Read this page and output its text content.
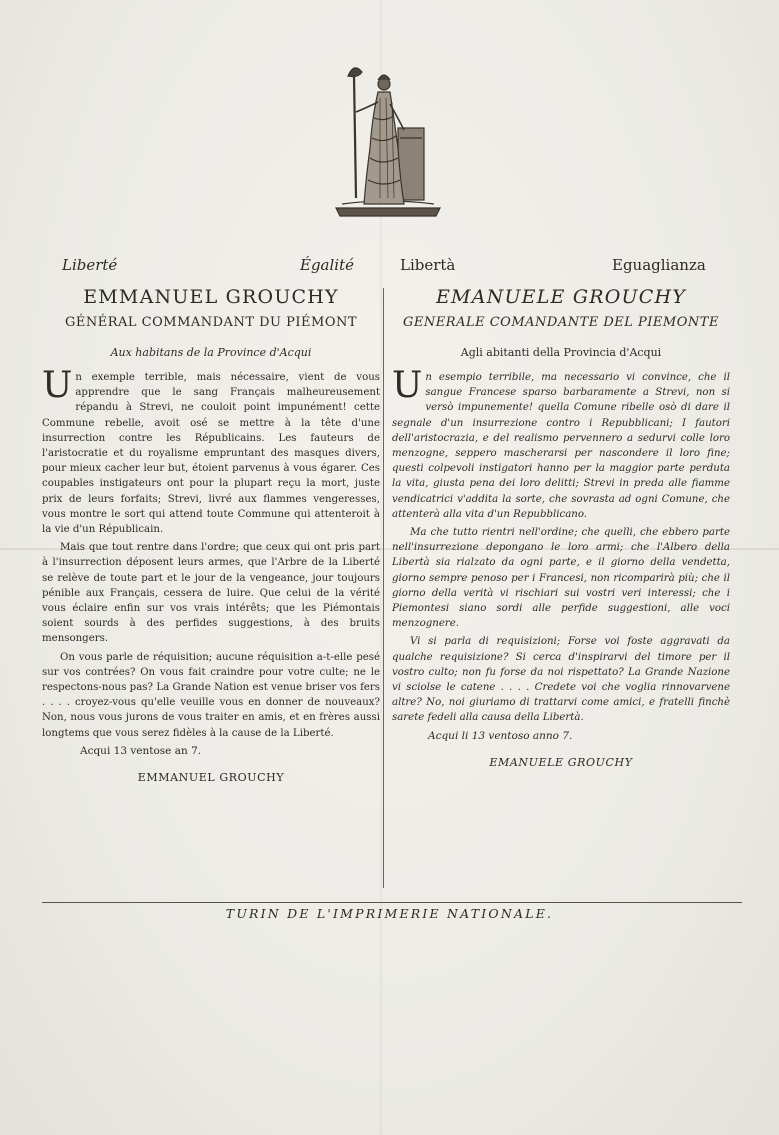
Liberté	Égalité	Libertà	Eguaglianza
EMMANUEL GROUCHY
GÉNÉRAL COMMANDANT DU PIÉMONT
Aux habitans de la Province d'Acqui

Un exemple terrible, mais nécessaire, vient de vous apprendre que le sang Français malheureusement répandu à Strevi, ne couloit point impunément! cette Commune rebelle, avoit osé se mettre à la tête d'une insurrection contre les Républicains. Les fauteurs de l'aristocratie et du royalisme empruntant des masques divers, pour mieux cacher leur but, étoient parvenus à vous égarer. Ces coupables instigateurs ont pour la plupart reçu la mort, juste prix de leurs forfaits; Strevi, livré aux flammes vengeresses, vous montre le sort qui attend toute Commune qui attenteroit à la vie d'un Républicain.

Mais que tout rentre dans l'ordre; que ceux qui ont pris part à l'insurrection déposent leurs armes, que l'Arbre de la Liberté se relève de toute part et le jour de la vengeance, jour toujours pénible aux Français, cessera de luire. Que celui de la vérité vous éclaire enfin sur vos vrais intérêts; que les Piémontais soient sourds à des perfides suggestions, à des bruits mensongers.

On vous parle de réquisition; aucune réquisition a-t-elle pesé sur vos contrées? On vous fait craindre pour votre culte; ne le respectons-nous pas? La Grande Nation est venue briser vos fers . . . . croyez-vous qu'elle veuille vous en donner de nouveaux? Non, nous vous jurons de vous traiter en amis, et en frères aussi longtems que vous serez fidèles à la cause de la Liberté.

Acqui 13 ventose an 7.
EMMANUEL GROUCHY
EMANUELE GROUCHY
GENERALE COMANDANTE DEL PIEMONTE
Agli abitanti della Provincia d'Acqui

Un esempio terribile, ma necessario vi convince, che il sangue Francese sparso barbaramente a Strevi, non si versò impunemente! quella Comune ribelle osò di dare il segnale d'un insurrezione contro i Repubblicani; I fautori dell'aristocrazia, e del realismo pervennero a sedurvi colle loro menzogne, seppero mascherarsi per nascondere il loro fine; questi colpevoli instigatori hanno per la maggior parte perduta la vita, giusta pena dei loro delitti; Strevi in preda alle fiamme vendicatrici v'addita la sorte, che sovrasta ad ogni Comune, che attenterà alla vita d'un Repubblicano.

Ma che tutto rientri nell'ordine; che quelli, che ebbero parte nell'insurrezione depongano le loro armi; che l'Albero della Libertà sia rialzato da ogni parte, e il giorno della vendetta, giorno sempre penoso per i Francesi, non ricomparirà più; che il giorno della verità vi rischiari sui vostri veri interessi; che i Piemontesi siano sordi alle perfide suggestioni, alle voci menzognere.

Vi si parla di requisizioni; Forse voi foste aggravati da qualche requisizione? Si cerca d'inspirarvi del timore per il vostro culto; non fu forse da noi rispettato? La Grande Nazione vi sciolse le catene . . . . Credete voi che voglia rinnovarvene altre? No, noi giuriamo di trattarvi come amici, e fratelli finchè sarete fedeli alla causa della Libertà.

Acqui li 13 ventoso anno 7.
EMANUELE GROUCHY
TURIN DE L'IMPRIMERIE NATIONALE.
